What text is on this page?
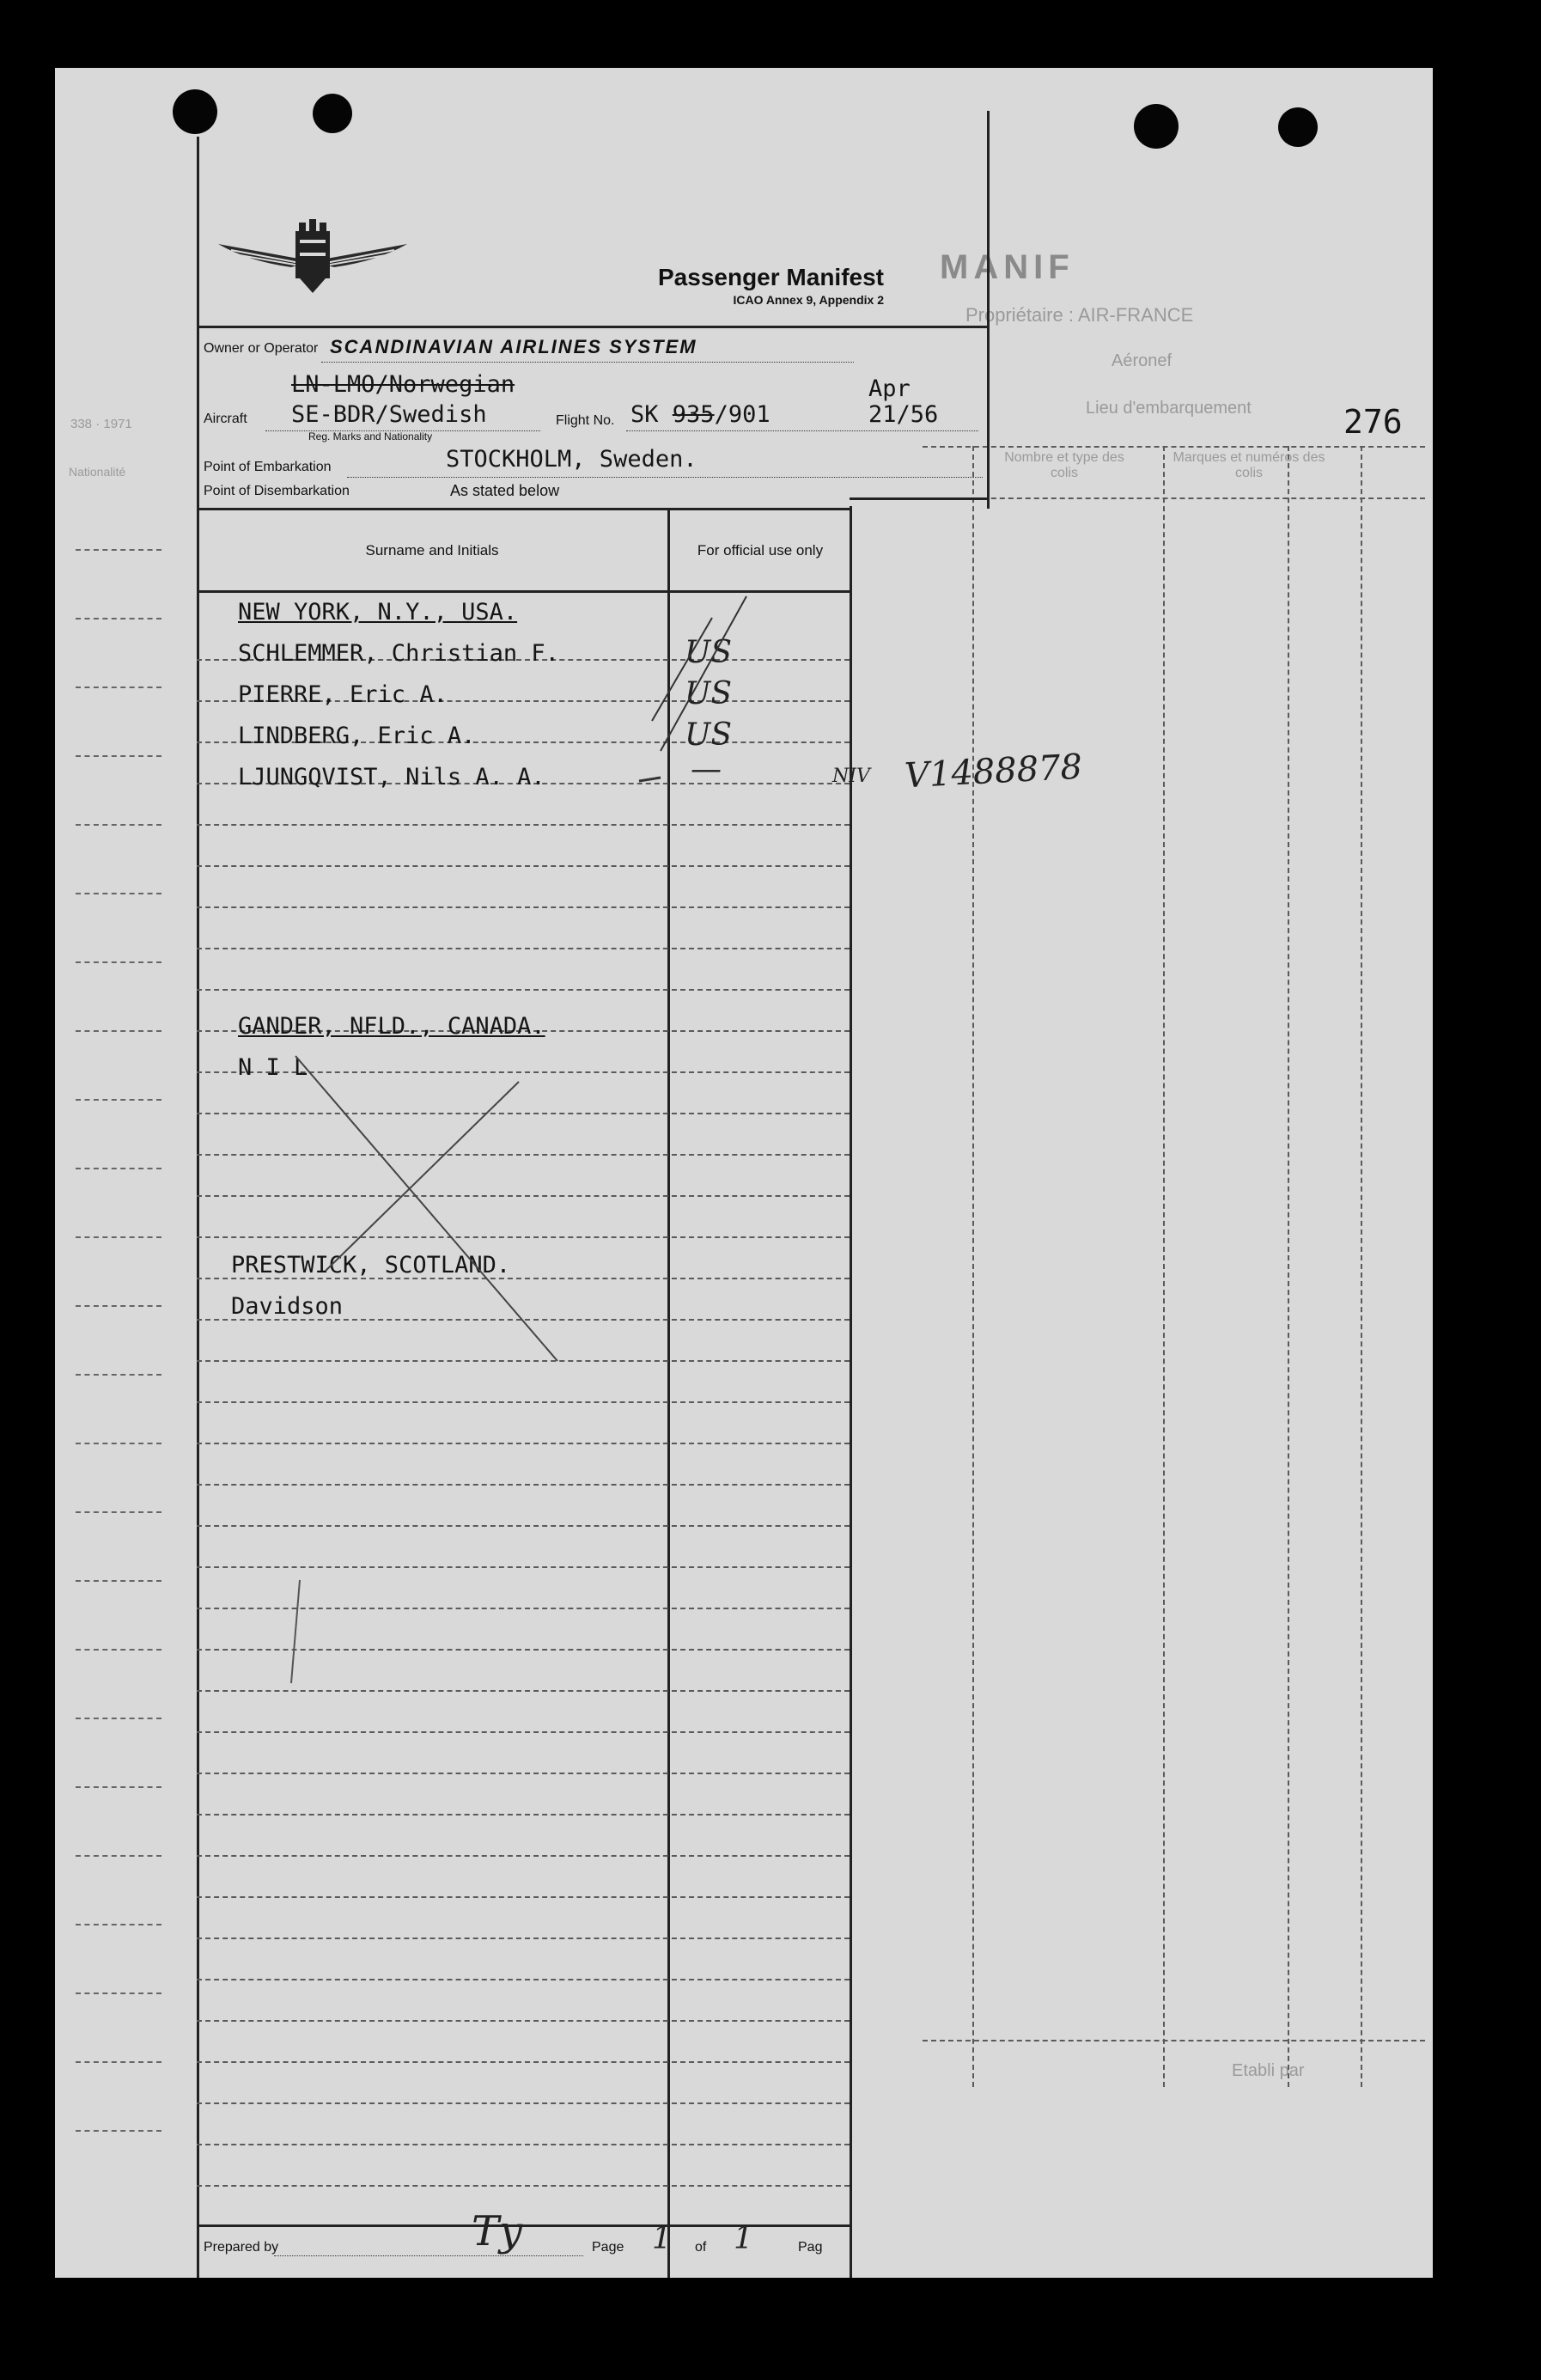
MANIF
Propriétaire : AIR-FRANCE
Aéronef
Lieu d'embarquement
Nombre et type des colis
Marques et numéros des colis
Etabli par
338 · 1971
Nationalité
Passenger Manifest
ICAO Annex 9, Appendix 2
Owner or Operator SCANDINAVIAN AIRLINES SYSTEM
LN-LMO/Norwegian
Aircraft SE-BDR/Swedish
Reg. Marks and Nationality
Flight No. SK 935/901
Apr
21/56
Point of Embarkation	STOCKHOLM, Sweden.
Point of Disembarkation	As stated below
Surname and Initials	For official use only
NEW YORK, N.Y., USA.
SCHLEMMER, Christian F.	US
PIERRE, Eric A.	US
LINDBERG, Eric A.	US
LJUNGQVIST, Nils A. A.	—	NIV V1488878
GANDER, NFLD., CANADA.
N I L
PRESTWICK, SCOTLAND.
Davidson
Prepared by	Ty	Page 1 of 1	Pag
276
